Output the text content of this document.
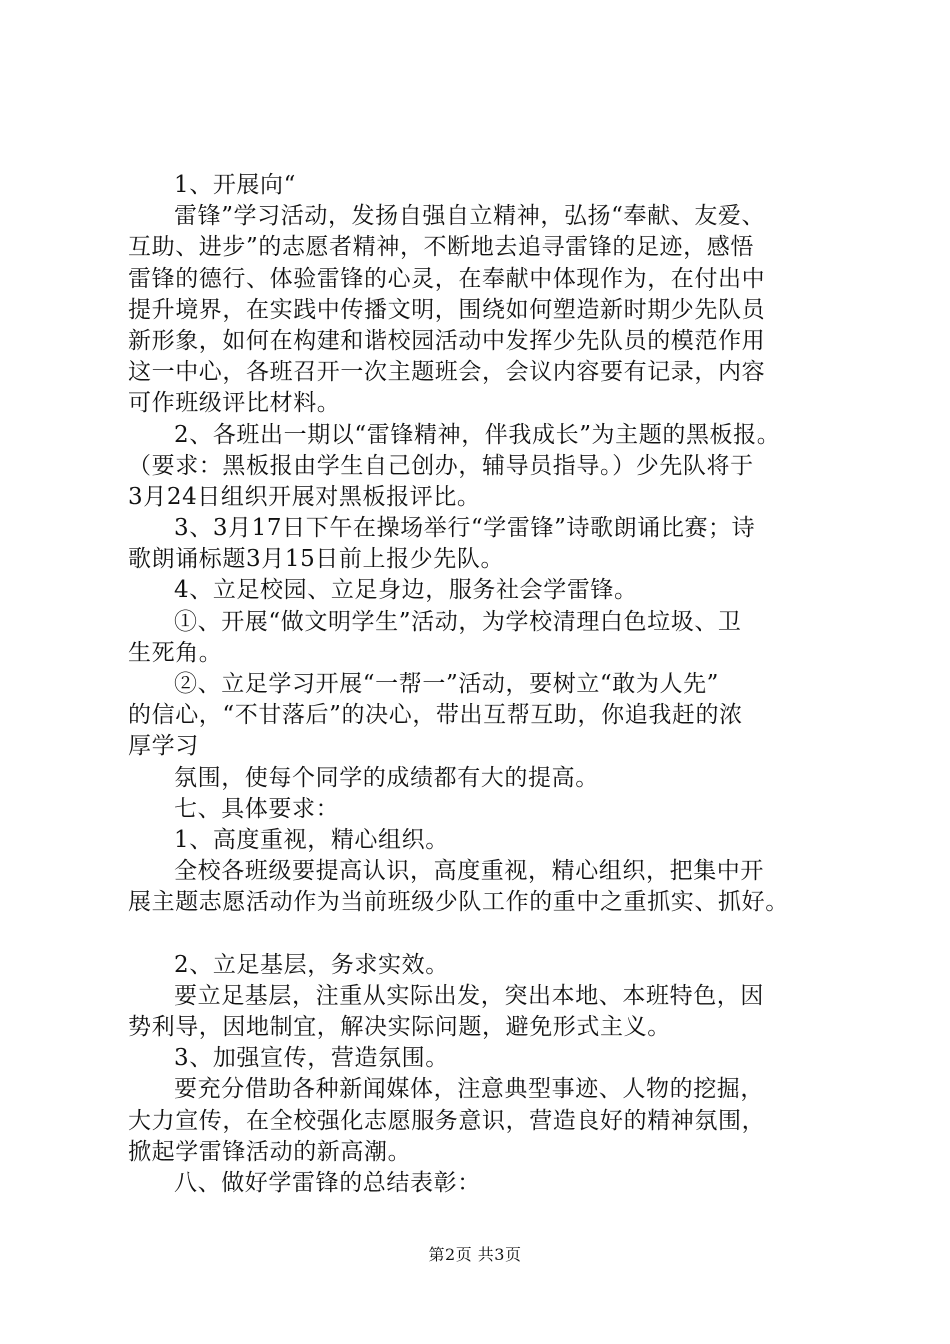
1、开展向“
雷锋”学习活动，发扬自强自立精神，弘扬“奉献、友爱、
互助、进步”的志愿者精神，不断地去追寻雷锋的足迹，感悟
雷锋的德行、体验雷锋的心灵，在奉献中体现作为，在付出中
提升境界，在实践中传播文明，围绕如何塑造新时期少先队员
新形象，如何在构建和谐校园活动中发挥少先队员的模范作用
这一中心，各班召开一次主题班会，会议内容要有记录，内容
可作班级评比材料。
2、各班出一期以“雷锋精神，伴我成长”为主题的黑板报。
（要求：黑板报由学生自己创办，辅导员指导。）少先队将于
3月24日组织开展对黑板报评比。
3、3月17日下午在操场举行“学雷锋”诗歌朗诵比赛；诗
歌朗诵标题3月15日前上报少先队。
4、立足校园、立足身边，服务社会学雷锋。
①、开展“做文明学生”活动，为学校清理白色垃圾、卫
生死角。
②、立足学习开展“一帮一”活动，要树立“敢为人先”
的信心，“不甘落后”的决心，带出互帮互助，你追我赶的浓
厚学习
氛围，使每个同学的成绩都有大的提高。
七、具体要求：
1、高度重视，精心组织。
全校各班级要提高认识，高度重视，精心组织，把集中开
展主题志愿活动作为当前班级少队工作的重中之重抓实、抓好。
2、立足基层，务求实效。
要立足基层，注重从实际出发，突出本地、本班特色，因
势利导，因地制宜，解决实际问题，避免形式主义。
3、加强宣传，营造氛围。
要充分借助各种新闻媒体，注意典型事迹、人物的挖掘，
大力宣传，在全校强化志愿服务意识，营造良好的精神氛围，
掀起学雷锋活动的新高潮。
八、做好学雷锋的总结表彰：
第2页 共3页
